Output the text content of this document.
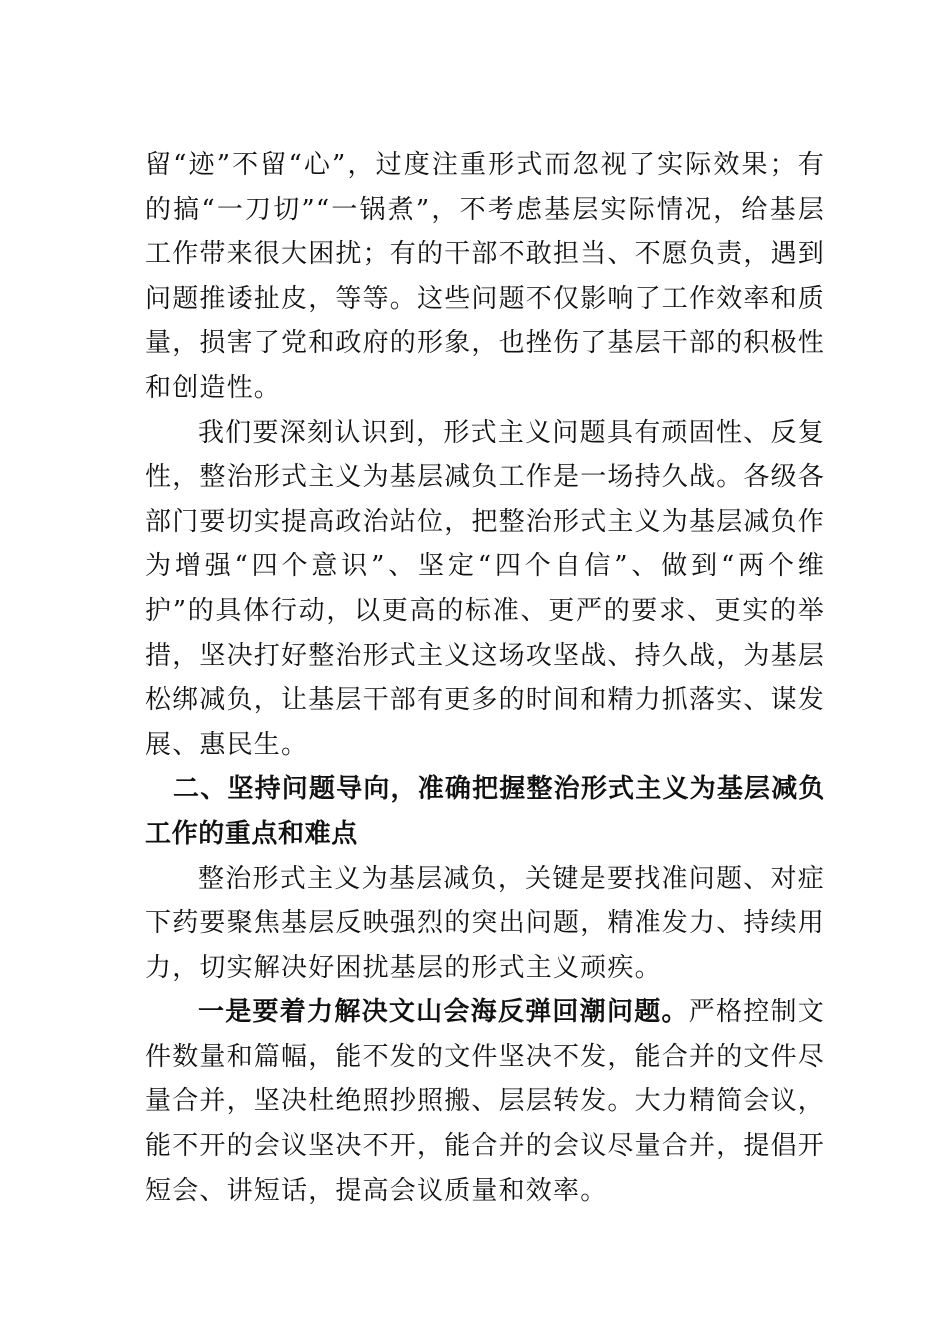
留“迹”不留“心”，过度注重形式而忽视了实际效果；有的搞“一刀切”“一锅煮”，不考虑基层实际情况，给基层工作带来很大困扰；有的干部不敢担当、不愿负责，遇到问题推诿扯皮，等等。这些问题不仅影响了工作效率和质量，损害了党和政府的形象，也挫伤了基层干部的积极性和创造性。

我们要深刻认识到，形式主义问题具有顽固性、反复性，整治形式主义为基层减负工作是一场持久战。各级各部门要切实提高政治站位，把整治形式主义为基层减负作为增强“四个意识”、坚定“四个自信”、做到“两个维护”的具体行动，以更高的标准、更严的要求、更实的举措，坚决打好整治形式主义这场攻坚战、持久战，为基层松绑减负，让基层干部有更多的时间和精力抓落实、谋发展、惠民生。

二、坚持问题导向，准确把握整治形式主义为基层减负工作的重点和难点

整治形式主义为基层减负，关键是要找准问题、对症下药要聚焦基层反映强烈的突出问题，精准发力、持续用力，切实解决好困扰基层的形式主义顽疾。

一是要着力解决文山会海反弹回潮问题。严格控制文件数量和篇幅，能不发的文件坚决不发，能合并的文件尽量合并，坚决杜绝照抄照搬、层层转发。大力精简会议，能不开的会议坚决不开，能合并的会议尽量合并，提倡开短会、讲短话，提高会议质量和效率。
